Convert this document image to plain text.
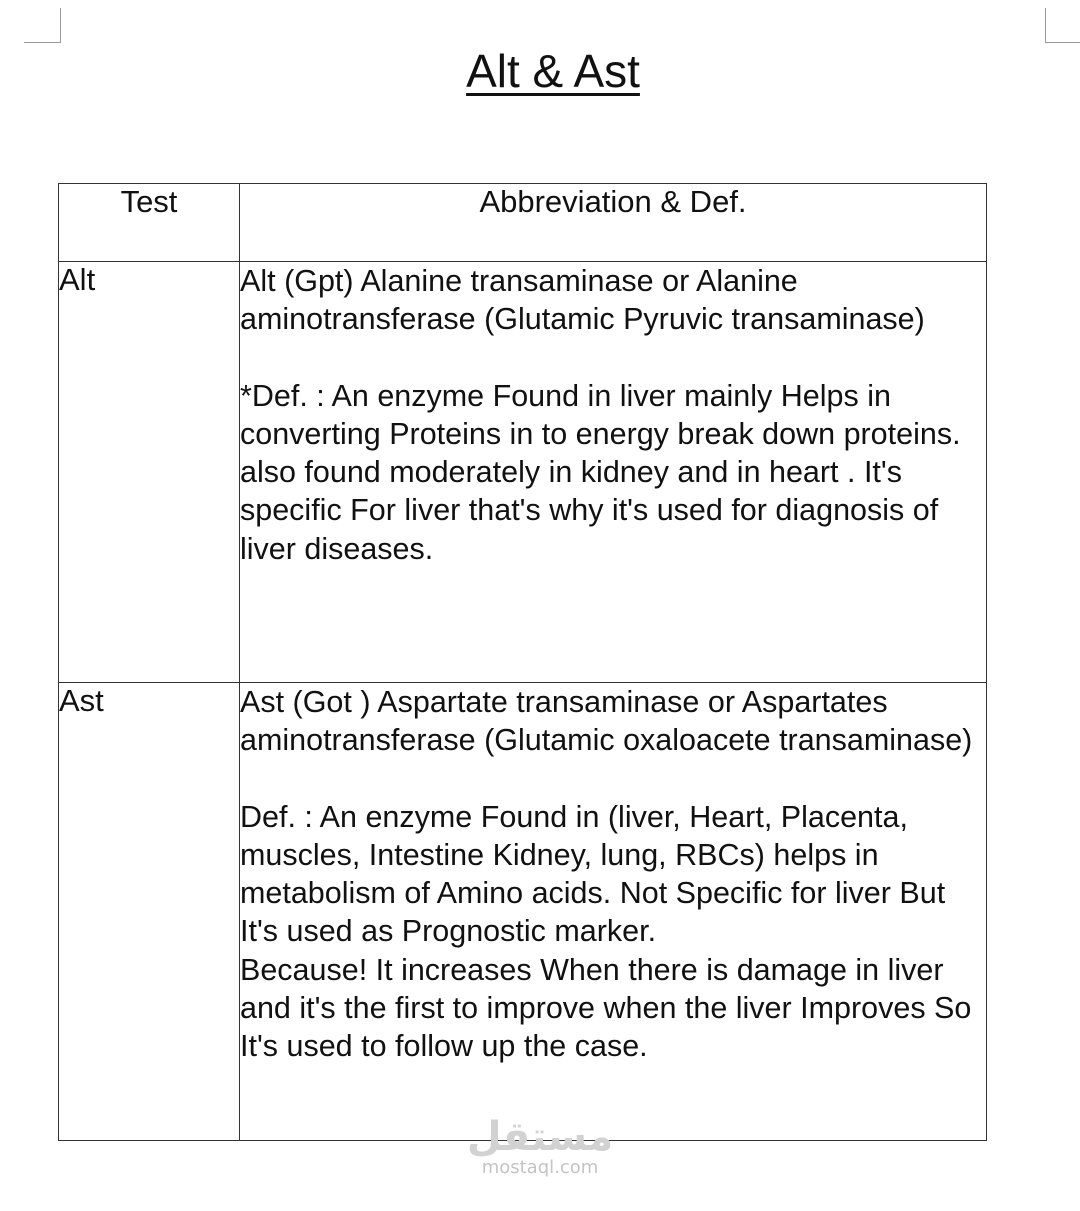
Alt & Ast
Test	Abbreviation & Def.
Alt	Alt (Gpt) Alanine transaminase or Alanine aminotransferase (Glutamic Pyruvic transaminase)

*Def. : An enzyme Found in liver mainly Helps in converting Proteins in to energy break down proteins. also found moderately in kidney and in heart . It's specific For liver that's why it's used for diagnosis of liver diseases.

Ast	Ast (Got ) Aspartate transaminase or Aspartates aminotransferase (Glutamic oxaloacete transaminase)

Def. : An enzyme Found in (liver, Heart, Placenta, muscles, Intestine Kidney, lung, RBCs) helps in metabolism of Amino acids. Not Specific for liver But It's used as Prognostic marker.

Because! It increases When there is damage in liver and it's the first to improve when the liver Improves So It's used to follow up the case.

مستقل
mostaql.com
